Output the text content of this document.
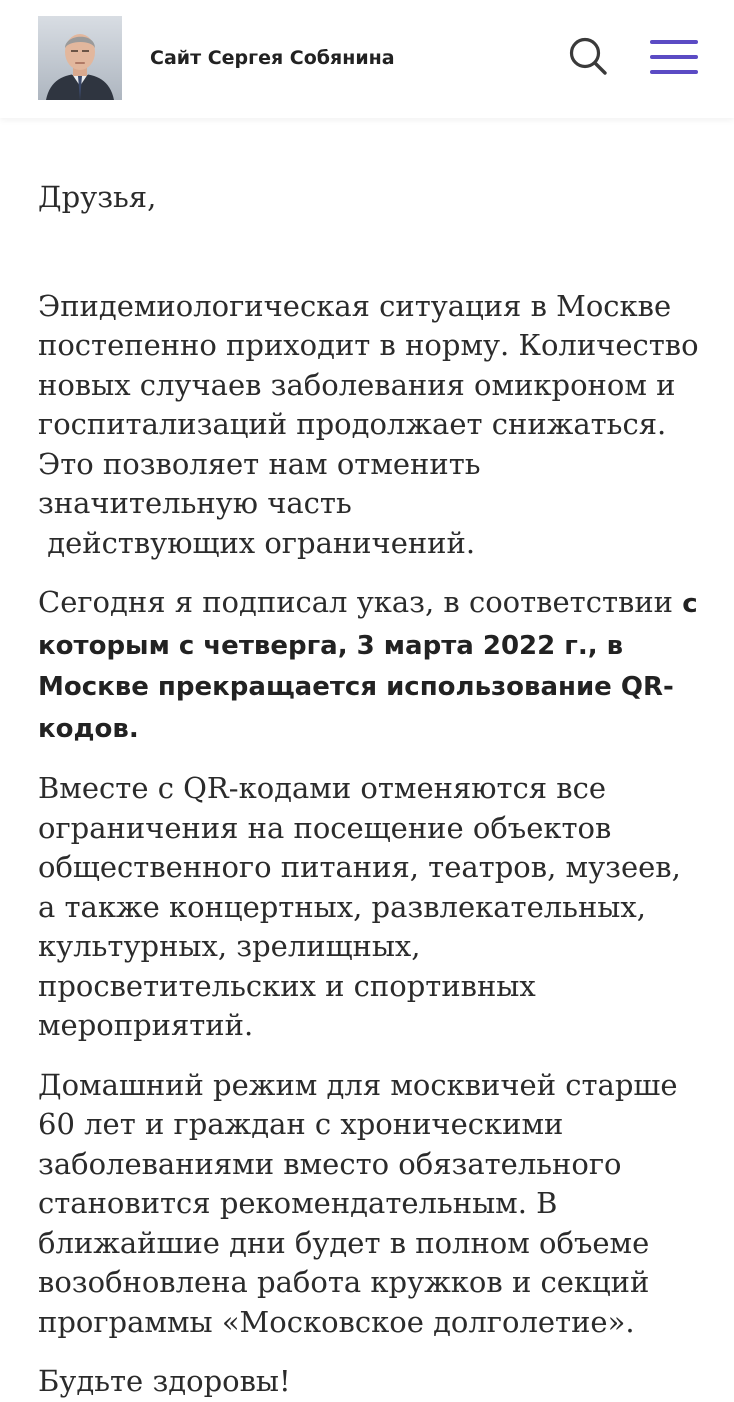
Сайт Сергея Собянина

Друзья,

Эпидемиологическая ситуация в Москве постепенно приходит в норму. Количество новых случаев заболевания омикроном и госпитализаций продолжает снижаться. Это позволяет нам отменить значительную часть

действующих ограничений.

Сегодня я подписал указ, в соответствии с которым с четверга, 3 марта 2022 г., в Москве прекращается использование QR-кодов.

Вместе с QR-кодами отменяются все ограничения на посещение объектов общественного питания, театров, музеев, а также концертных, развлекательных, культурных, зрелищных, просветительских и спортивных мероприятий.

Домашний режим для москвичей старше 60 лет и граждан с хроническими заболеваниями вместо обязательного становится рекомендательным. В ближайшие дни будет в полном объеме возобновлена работа кружков и секций программы «Московское долголетие».

Будьте здоровы!
